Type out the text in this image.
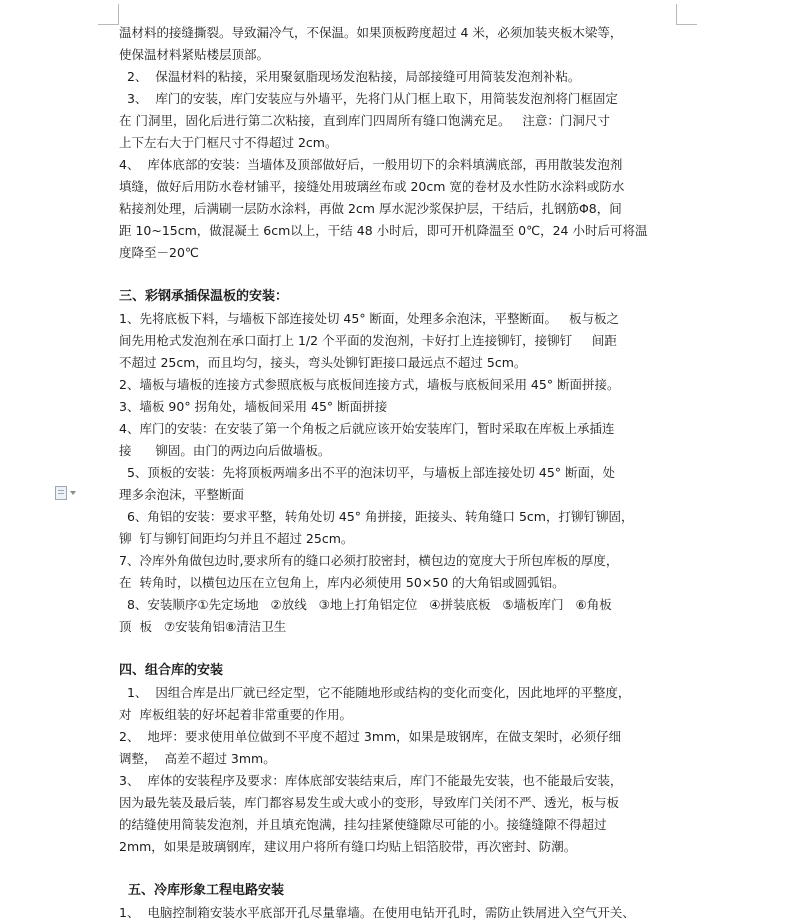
温材料的接缝撕裂。导致漏冷气，不保温。如果顶板跨度超过 4 米，必须加装夹板木梁等，
使保温材料紧贴楼层顶部。
2、  保温材料的粘接，采用聚氨脂现场发泡粘接，局部接缝可用简装发泡剂补粘。
3、  库门的安装，库门安装应与外墙平，先将门从门框上取下，用简装发泡剂将门框固定
在 门洞里，固化后进行第二次粘接，直到库门四周所有缝口饱满充足。   注意：门洞尺寸
上下左右大于门框尺寸不得超过 2cm。
4、  库体底部的安装：当墙体及顶部做好后，一般用切下的余料填满底部，再用散装发泡剂
填缝，做好后用防水卷材铺平，接缝处用玻璃丝布或 20cm 宽的卷材及水性防水涂料或防水
粘接剂处理，后满刷一层防水涂料，再做 2cm 厚水泥沙浆保护层，干结后，扎钢筋Φ8，间
距 10~15cm，做混凝土 6cm以上，干结 48 小时后，即可开机降温至 0℃，24 小时后可将温
度降至－20℃
三、彩钢承插保温板的安装：
1、先将底板下料，与墙板下部连接处切 45° 断面，处理多余泡沫，平整断面。   板与板之
间先用枪式发泡剂在承口面打上 1/2 个平面的发泡剂，卡好打上连接铆钉，接铆钉     间距
不超过 25cm，而且均匀，接头，弯头处铆钉距接口最远点不超过 5cm。
2、墙板与墙板的连接方式参照底板与底板间连接方式，墙板与底板间采用 45° 断面拼接。
3、墙板 90° 拐角处，墙板间采用 45° 断面拼接
4、库门的安装：在安装了第一个角板之后就应该开始安装库门，暂时采取在库板上承插连
接      铆固。由门的两边向后做墙板。
5、顶板的安装：先将顶板两端多出不平的泡沫切平，与墙板上部连接处切 45° 断面，处
理多余泡沫，平整断面
6、角铝的安装：要求平整，转角处切 45° 角拼接，距接头、转角缝口 5cm，打铆钉铆固，
铆  钉与铆钉间距均匀并且不超过 25cm。
7、冷库外角做包边时,要求所有的缝口必须打胶密封，横包边的宽度大于所包库板的厚度，
在  转角时，以横包边压在立包角上，库内必须使用 50×50 的大角铝或圆弧铝。
8、安装顺序①先定场地   ②放线   ③地上打角铝定位   ④拼装底板   ⑤墙板库门   ⑥角板
顶  板   ⑦安装角铝⑧清洁卫生
四、组合库的安装
1、  因组合库是出厂就已经定型，它不能随地形或结构的变化而变化，因此地坪的平整度，
对  库板组装的好坏起着非常重要的作用。
2、  地坪：要求使用单位做到不平度不超过 3mm，如果是玻钢库，在做支架时，必须仔细
调整，  高差不超过 3mm。
3、  库体的安装程序及要求：库体底部安装结束后，库门不能最先安装，也不能最后安装，
因为最先装及最后装，库门都容易发生或大或小的变形，导致库门关闭不严、透光，板与板
的结缝使用简装发泡剂，并且填充饱满，挂勾挂紧使缝隙尽可能的小。接缝缝隙不得超过
2mm，如果是玻璃钢库，建议用户将所有缝口均贴上铝箔胶带，再次密封、防潮。
五、冷库形象工程电路安装
1、  电脑控制箱安装水平底部开孔尽量靠墙。在使用电钻开孔时，需防止铁屑进入空气开关、
